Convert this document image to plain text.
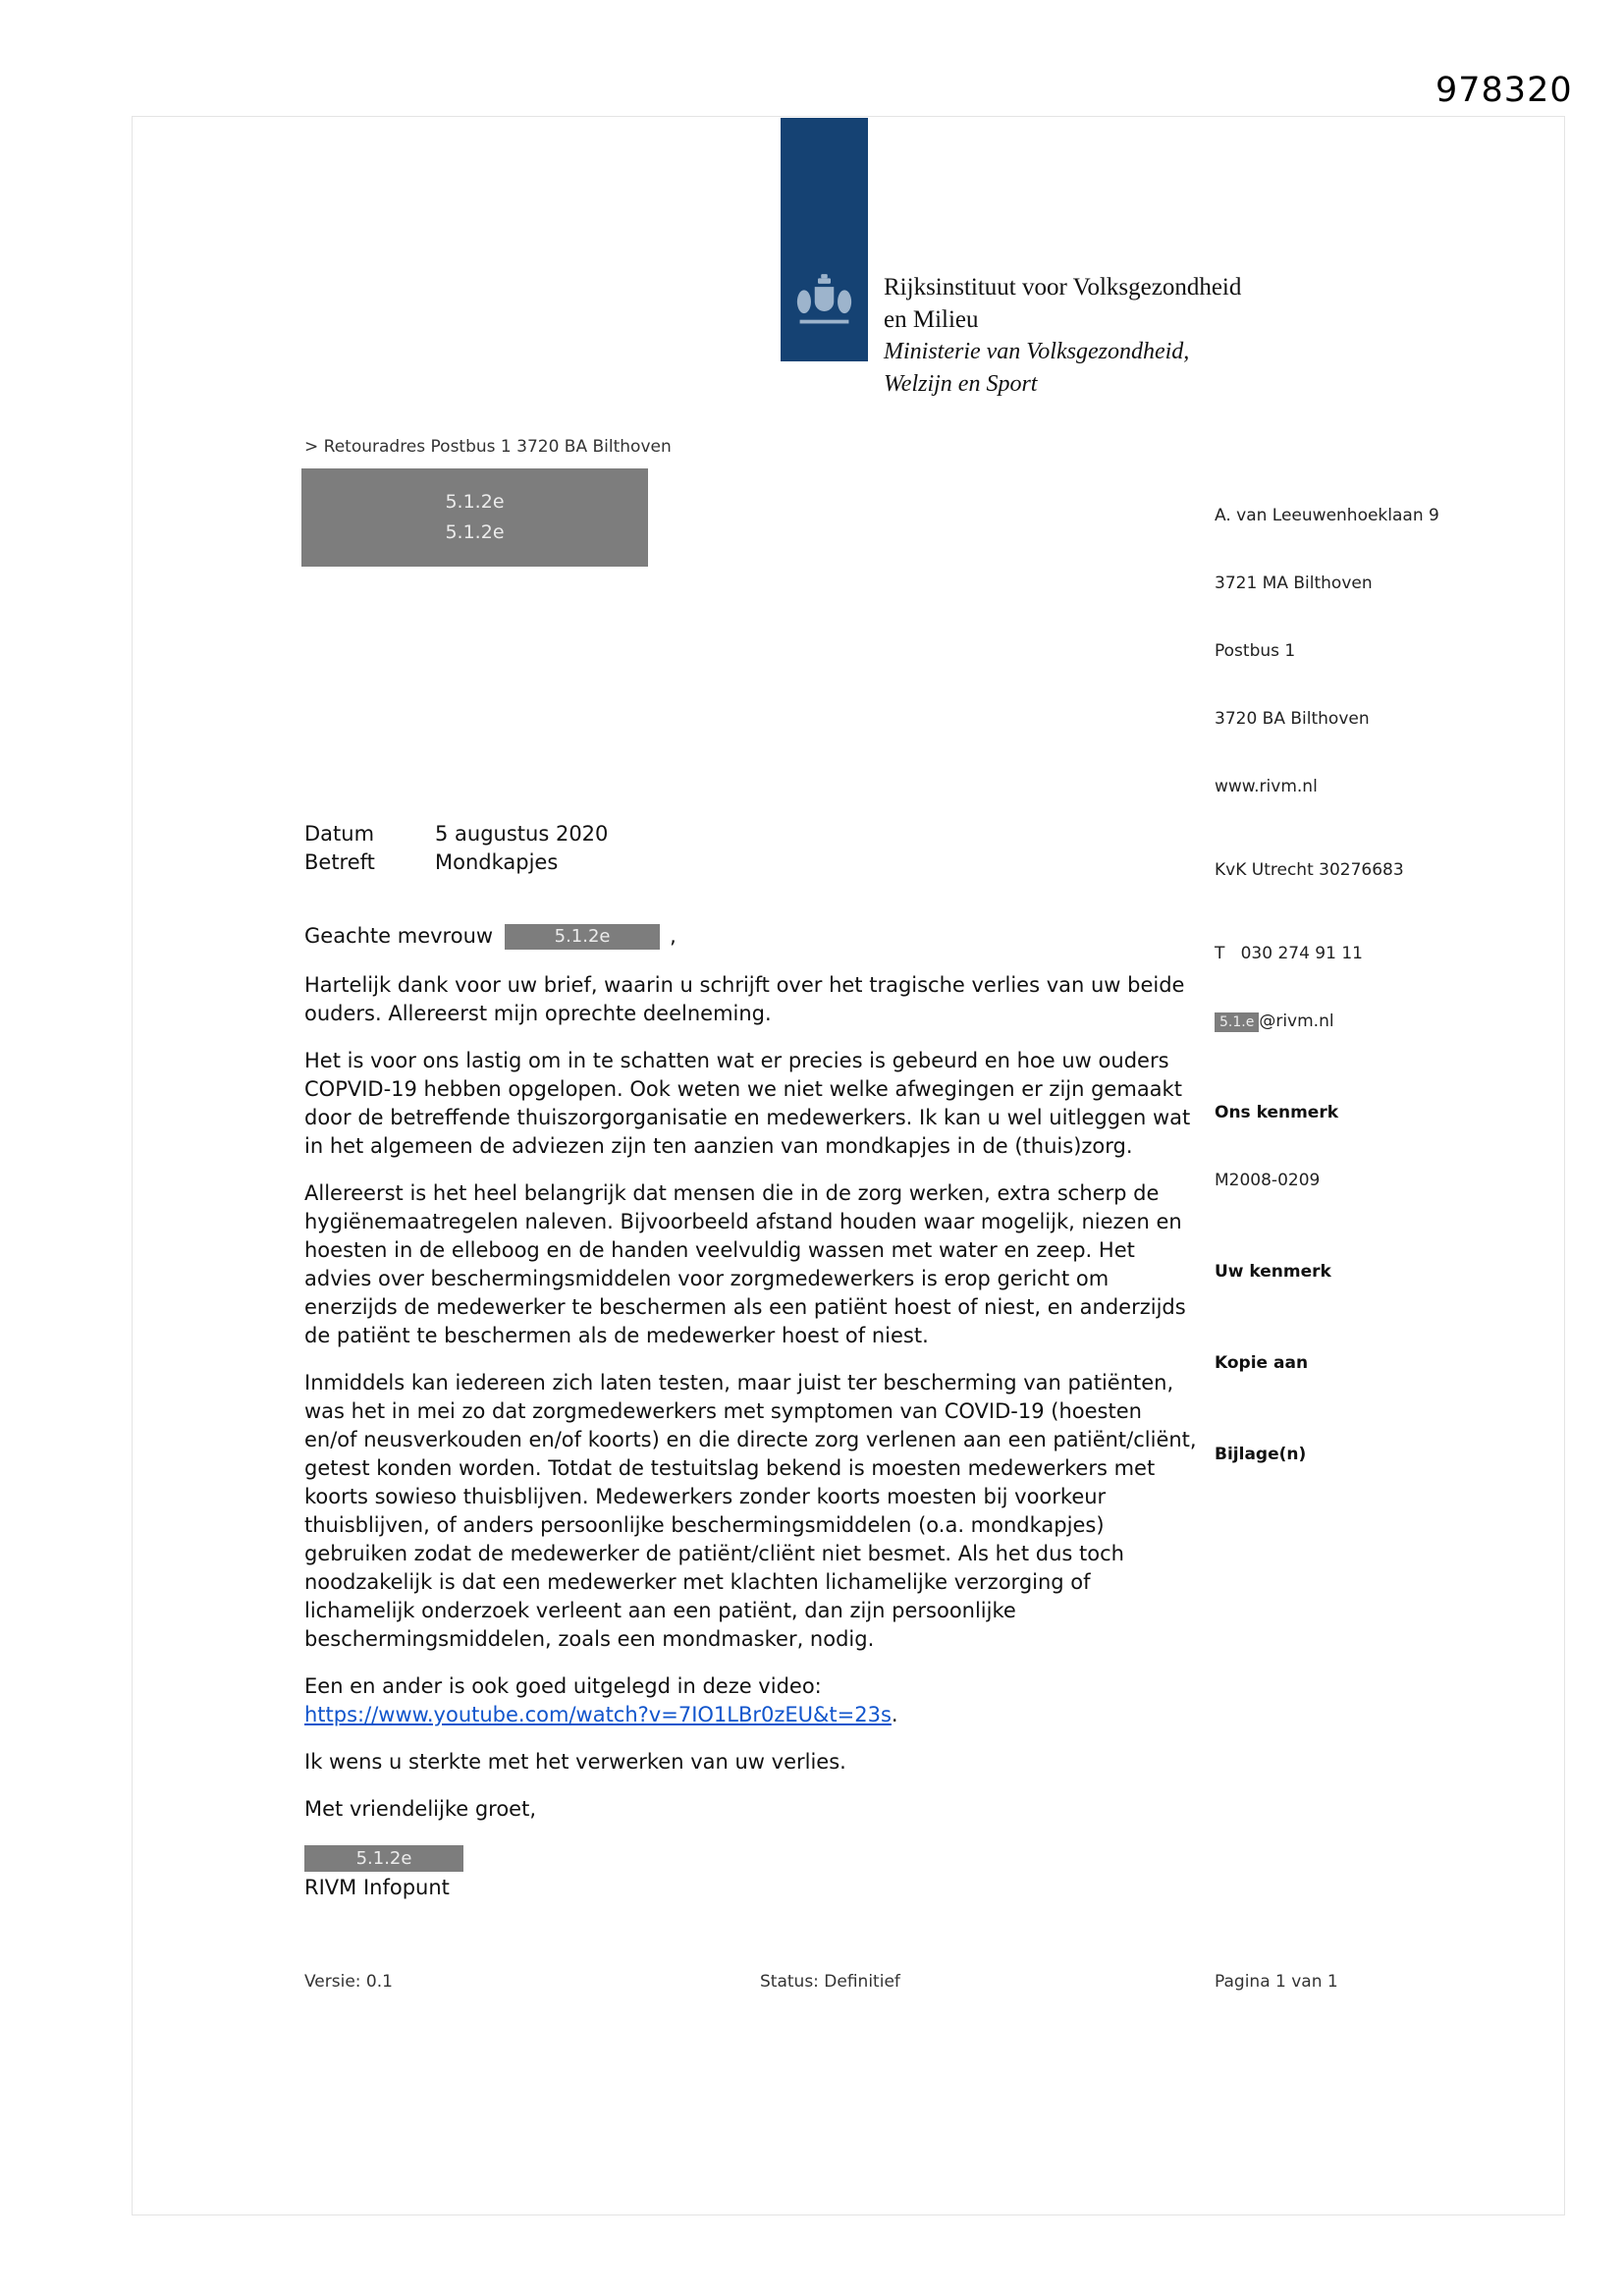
978320
Rijksinstituut voor Volksgezondheid
en Milieu
Ministerie van Volksgezondheid,
Welzijn en Sport
> Retouradres Postbus 1 3720 BA Bilthoven
5.1.2e
5.1.2e

A. van Leeuwenhoeklaan 9

3721 MA Bilthoven

Postbus 1

3720 BA Bilthoven

www.rivm.nl

KvK Utrecht 30276683

T   030 274 91 11

5.1.e @rivm.nl

Ons kenmerk

M2008-0209

Uw kenmerk

Kopie aan

Bijlage(n)

Datum	5 augustus 2020
Betreft	Mondkapjes
Geachte mevrouw	5.1.2e	,

Hartelijk dank voor uw brief, waarin u schrijft over het tragische verlies van uw beide ouders. Allereerst mijn oprechte deelneming.

Het is voor ons lastig om in te schatten wat er precies is gebeurd en hoe uw ouders COPVID-19 hebben opgelopen. Ook weten we niet welke afwegingen er zijn gemaakt door de betreffende thuiszorgorganisatie en medewerkers. Ik kan u wel uitleggen wat in het algemeen de adviezen zijn ten aanzien van mondkapjes in de (thuis)zorg.

Allereerst is het heel belangrijk dat mensen die in de zorg werken, extra scherp de hygiënemaatregelen naleven. Bijvoorbeeld afstand houden waar mogelijk, niezen en hoesten in de elleboog en de handen veelvuldig wassen met water en zeep. Het advies over beschermingsmiddelen voor zorgmedewerkers is erop gericht om enerzijds de medewerker te beschermen als een patiënt hoest of niest, en anderzijds de patiënt te beschermen als de medewerker hoest of niest.

Inmiddels kan iedereen zich laten testen, maar juist ter bescherming van patiënten, was het in mei zo dat zorgmedewerkers met symptomen van COVID-19 (hoesten en/of neusverkouden en/of koorts) en die directe zorg verlenen aan een patiënt/cliënt, getest konden worden. Totdat de testuitslag bekend is moesten medewerkers met koorts sowieso thuisblijven. Medewerkers zonder koorts moesten bij voorkeur thuisblijven, of anders persoonlijke beschermingsmiddelen (o.a. mondkapjes) gebruiken zodat de medewerker de patiënt/cliënt niet besmet. Als het dus toch noodzakelijk is dat een medewerker met klachten lichamelijke verzorging of lichamelijk onderzoek verleent aan een patiënt, dan zijn persoonlijke beschermingsmiddelen, zoals een mondmasker, nodig.

Een en ander is ook goed uitgelegd in deze video:

https://www.youtube.com/watch?v=7IO1LBr0zEU&t=23s.

Ik wens u sterkte met het verwerken van uw verlies.

Met vriendelijke groet,

5.1.2e
RIVM Infopunt
Versie: 0.1	Status: Definitief	Pagina 1 van 1
